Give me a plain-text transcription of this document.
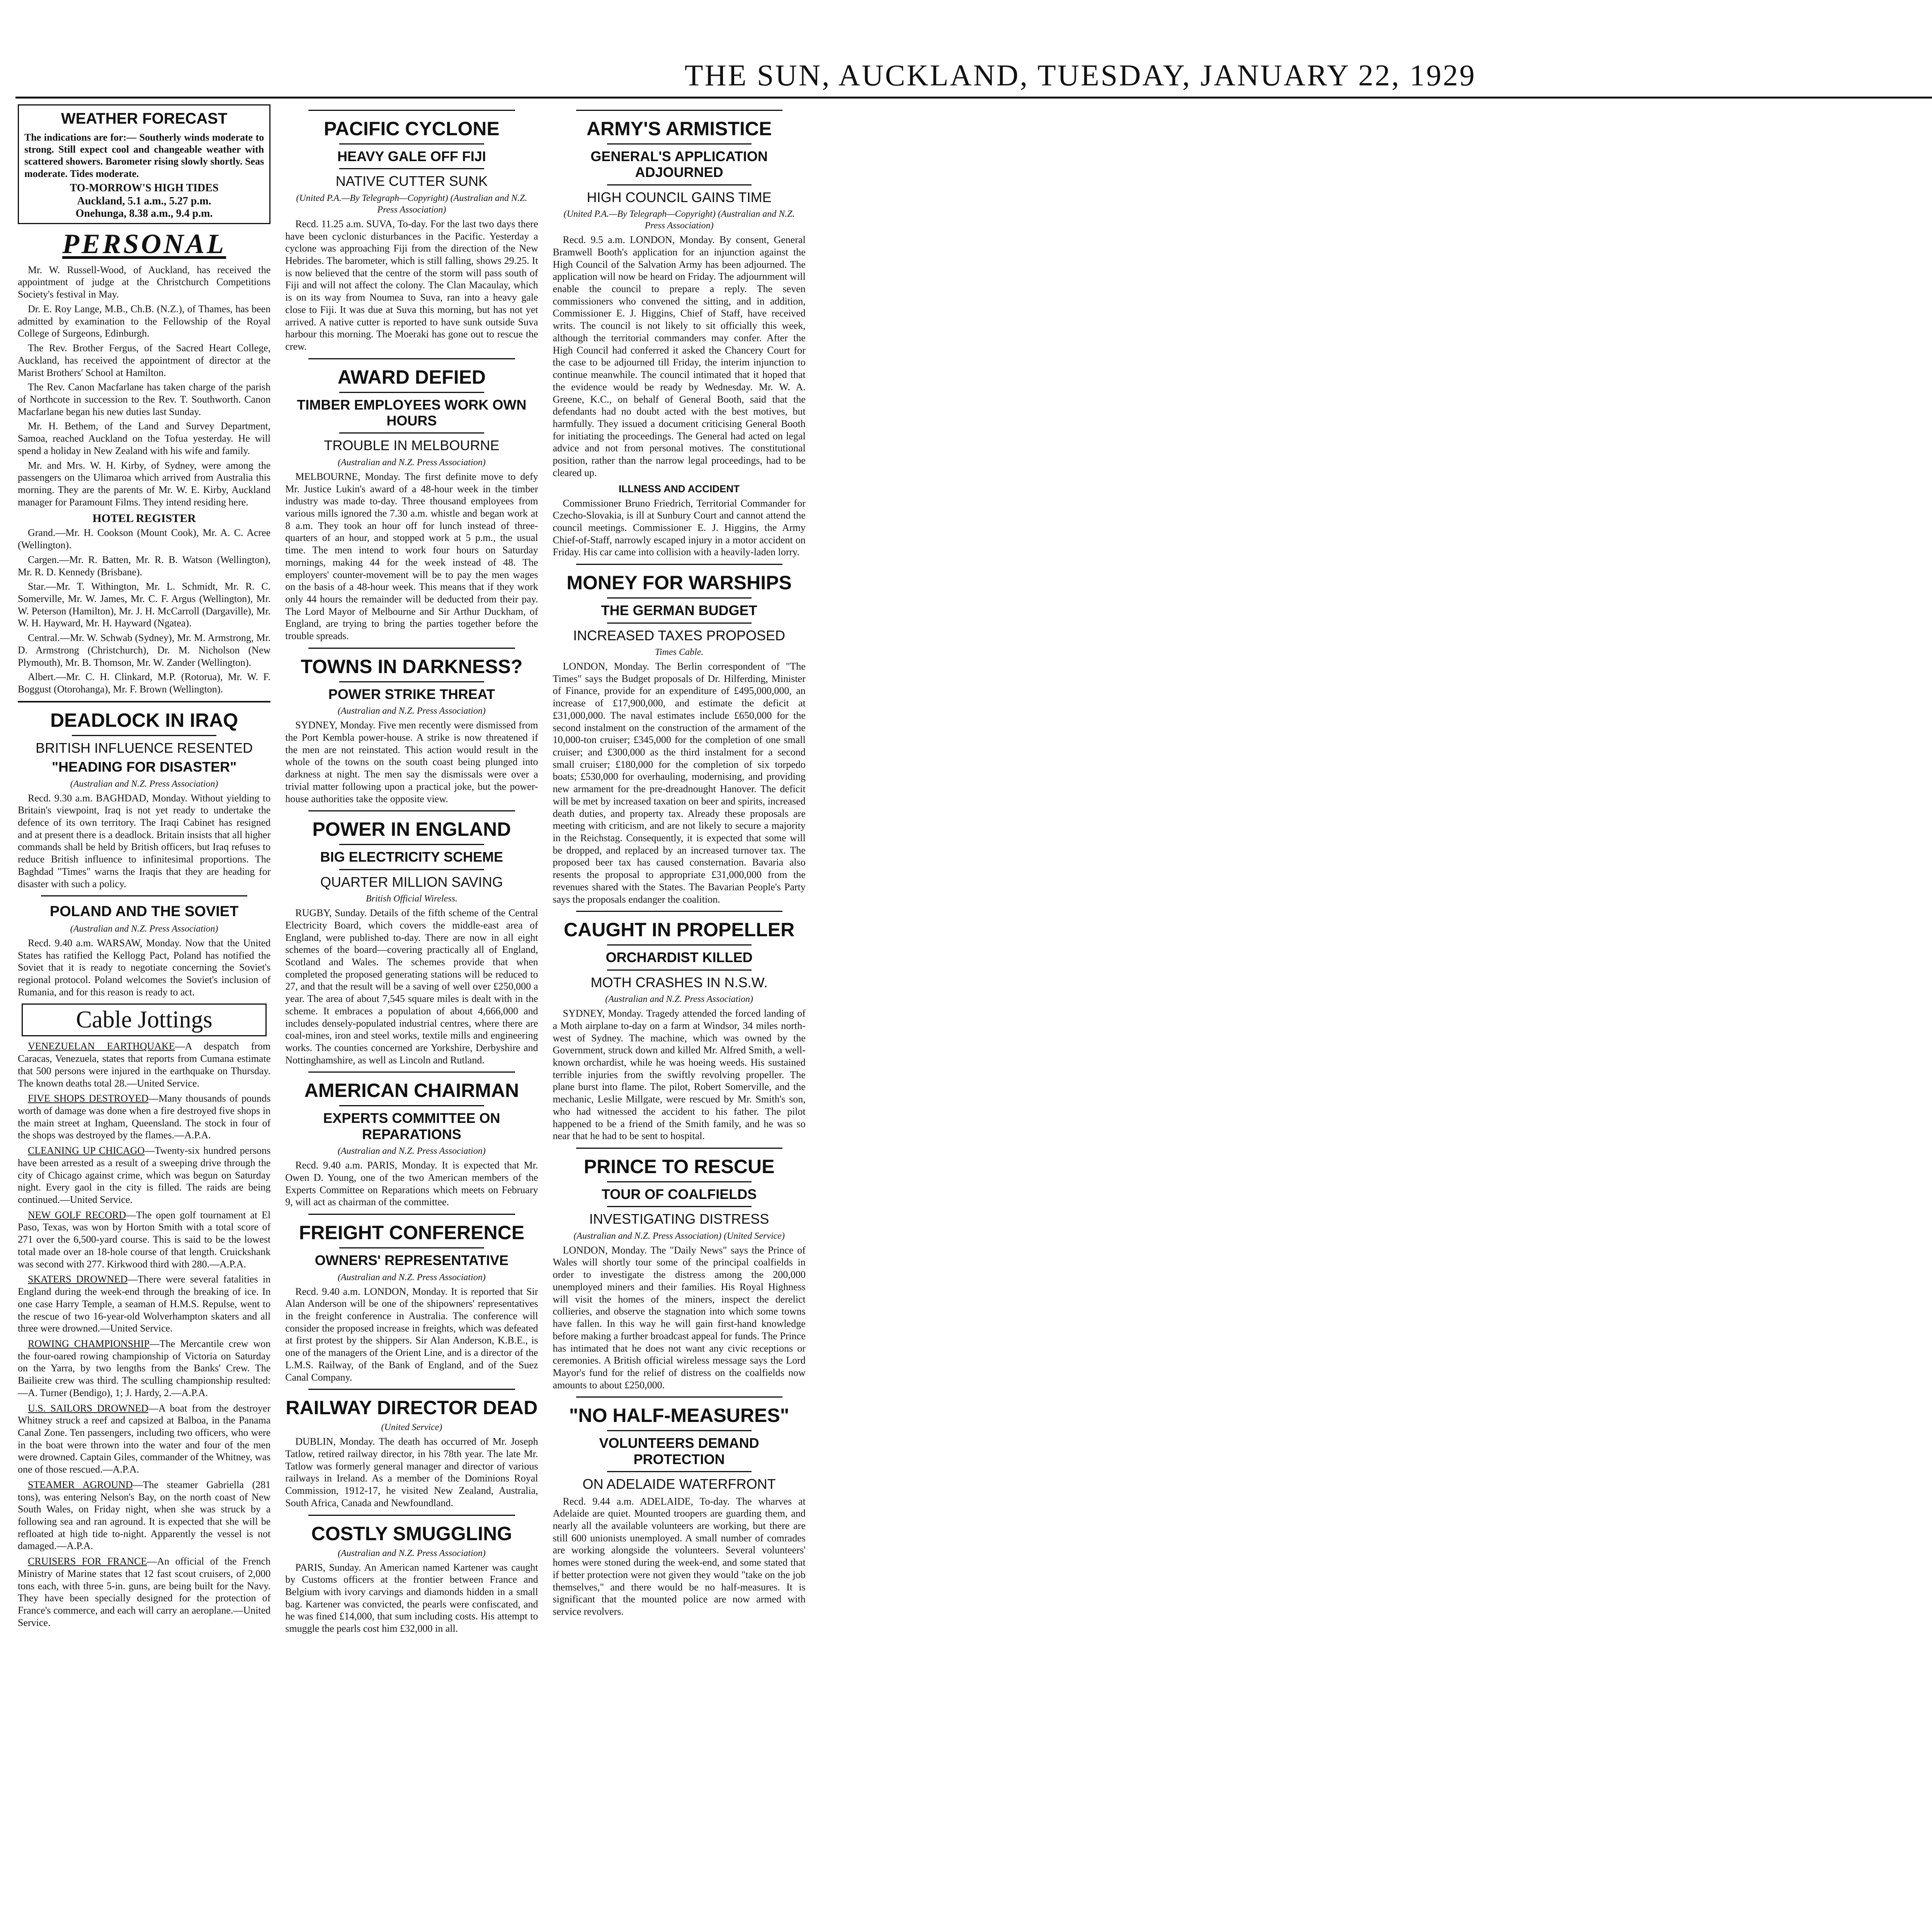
THE SUN, AUCKLAND, TUESDAY, JANUARY 22, 1929
WEATHER FORECAST

The indications are for:— Southerly winds moderate to strong. Still expect cool and changeable weather with scattered showers. Barometer rising slowly shortly. Seas moderate. Tides moderate.

TO-MORROW'S HIGH TIDES
Auckland, 5.1 a.m., 5.27 p.m.
Onehunga, 8.38 a.m., 9.4 p.m.
PERSONAL

Mr. W. Russell-Wood, of Auckland, has received the appointment of judge at the Christchurch Competitions Society's festival in May.

Dr. E. Roy Lange, M.B., Ch.B. (N.Z.), of Thames, has been admitted by examination to the Fellowship of the Royal College of Surgeons, Edinburgh.

The Rev. Brother Fergus, of the Sacred Heart College, Auckland, has received the appointment of director at the Marist Brothers' School at Hamilton.

The Rev. Canon Macfarlane has taken charge of the parish of Northcote in succession to the Rev. T. Southworth. Canon Macfarlane began his new duties last Sunday.

Mr. H. Bethem, of the Land and Survey Department, Samoa, reached Auckland on the Tofua yesterday. He will spend a holiday in New Zealand with his wife and family.

Mr. and Mrs. W. H. Kirby, of Sydney, were among the passengers on the Ulimaroa which arrived from Australia this morning. They are the parents of Mr. W. E. Kirby, Auckland manager for Paramount Films. They intend residing here.

HOTEL REGISTER

Grand.—Mr. H. Cookson (Mount Cook), Mr. A. C. Acree (Wellington).

Cargen.—Mr. R. Batten, Mr. R. B. Watson (Wellington), Mr. R. D. Kennedy (Brisbane).

Star.—Mr. T. Withington, Mr. L. Schmidt, Mr. R. C. Somerville, Mr. W. James, Mr. C. F. Argus (Wellington), Mr. W. Peterson (Hamilton), Mr. J. H. McCarroll (Dargaville), Mr. W. H. Hayward, Mr. H. Hayward (Ngatea).

Central.—Mr. W. Schwab (Sydney), Mr. M. Armstrong, Mr. D. Armstrong (Christchurch), Dr. M. Nicholson (New Plymouth), Mr. B. Thomson, Mr. W. Zander (Wellington).

Albert.—Mr. C. H. Clinkard, M.P. (Rotorua), Mr. W. F. Boggust (Otorohanga), Mr. F. Brown (Wellington).

DEADLOCK IN IRAQ
BRITISH INFLUENCE RESENTED
"HEADING FOR DISASTER"
(Australian and N.Z. Press Association)

Recd. 9.30 a.m. BAGHDAD, Monday. Without yielding to Britain's viewpoint, Iraq is not yet ready to undertake the defence of its own territory. The Iraqi Cabinet has resigned and at present there is a deadlock. Britain insists that all higher commands shall be held by British officers, but Iraq refuses to reduce British influence to infinitesimal proportions. The Baghdad "Times" warns the Iraqis that they are heading for disaster with such a policy.

POLAND AND THE SOVIET
(Australian and N.Z. Press Association)

Recd. 9.40 a.m. WARSAW, Monday. Now that the United States has ratified the Kellogg Pact, Poland has notified the Soviet that it is ready to negotiate concerning the Soviet's regional protocol. Poland welcomes the Soviet's inclusion of Rumania, and for this reason is ready to act.

Cable Jottings

VENEZUELAN EARTHQUAKE—A despatch from Caracas, Venezuela, states that reports from Cumana estimate that 500 persons were injured in the earthquake on Thursday. The known deaths total 28.—United Service.

FIVE SHOPS DESTROYED—Many thousands of pounds worth of damage was done when a fire destroyed five shops in the main street at Ingham, Queensland. The stock in four of the shops was destroyed by the flames.—A.P.A.

CLEANING UP CHICAGO—Twenty-six hundred persons have been arrested as a result of a sweeping drive through the city of Chicago against crime, which was begun on Saturday night. Every gaol in the city is filled. The raids are being continued.—United Service.

NEW GOLF RECORD—The open golf tournament at El Paso, Texas, was won by Horton Smith with a total score of 271 over the 6,500-yard course. This is said to be the lowest total made over an 18-hole course of that length. Cruickshank was second with 277. Kirkwood third with 280.—A.P.A.

SKATERS DROWNED—There were several fatalities in England during the week-end through the breaking of ice. In one case Harry Temple, a seaman of H.M.S. Repulse, went to the rescue of two 16-year-old Wolverhampton skaters and all three were drowned.—United Service.

ROWING CHAMPIONSHIP—The Mercantile crew won the four-oared rowing championship of Victoria on Saturday on the Yarra, by two lengths from the Banks' Crew. The Bailieite crew was third. The sculling championship resulted:—A. Turner (Bendigo), 1; J. Hardy, 2.—A.P.A.

U.S. SAILORS DROWNED—A boat from the destroyer Whitney struck a reef and capsized at Balboa, in the Panama Canal Zone. Ten passengers, including two officers, who were in the boat were thrown into the water and four of the men were drowned. Captain Giles, commander of the Whitney, was one of those rescued.—A.P.A.

STEAMER AGROUND—The steamer Gabriella (281 tons), was entering Nelson's Bay, on the north coast of New South Wales, on Friday night, when she was struck by a following sea and ran aground. It is expected that she will be refloated at high tide to-night. Apparently the vessel is not damaged.—A.P.A.

CRUISERS FOR FRANCE—An official of the French Ministry of Marine states that 12 fast scout cruisers, of 2,000 tons each, with three 5-in. guns, are being built for the Navy. They have been specially designed for the protection of France's commerce, and each will carry an aeroplane.—United Service.

PACIFIC CYCLONE
HEAVY GALE OFF FIJI
NATIVE CUTTER SUNK
(United P.A.—By Telegraph—Copyright) (Australian and N.Z. Press Association)

Recd. 11.25 a.m. SUVA, To-day. For the last two days there have been cyclonic disturbances in the Pacific. Yesterday a cyclone was approaching Fiji from the direction of the New Hebrides. The barometer, which is still falling, shows 29.25. It is now believed that the centre of the storm will pass south of Fiji and will not affect the colony. The Clan Macaulay, which is on its way from Noumea to Suva, ran into a heavy gale close to Fiji. It was due at Suva this morning, but has not yet arrived. A native cutter is reported to have sunk outside Suva harbour this morning. The Moeraki has gone out to rescue the crew.

AWARD DEFIED
TIMBER EMPLOYEES WORK OWN HOURS
TROUBLE IN MELBOURNE
(Australian and N.Z. Press Association)

MELBOURNE, Monday. The first definite move to defy Mr. Justice Lukin's award of a 48-hour week in the timber industry was made to-day. Three thousand employees from various mills ignored the 7.30 a.m. whistle and began work at 8 a.m. They took an hour off for lunch instead of three-quarters of an hour, and stopped work at 5 p.m., the usual time. The men intend to work four hours on Saturday mornings, making 44 for the week instead of 48. The employers' counter-movement will be to pay the men wages on the basis of a 48-hour week. This means that if they work only 44 hours the remainder will be deducted from their pay. The Lord Mayor of Melbourne and Sir Arthur Duckham, of England, are trying to bring the parties together before the trouble spreads.

TOWNS IN DARKNESS?
POWER STRIKE THREAT
(Australian and N.Z. Press Association)

SYDNEY, Monday. Five men recently were dismissed from the Port Kembla power-house. A strike is now threatened if the men are not reinstated. This action would result in the whole of the towns on the south coast being plunged into darkness at night. The men say the dismissals were over a trivial matter following upon a practical joke, but the power-house authorities take the opposite view.

POWER IN ENGLAND
BIG ELECTRICITY SCHEME
QUARTER MILLION SAVING
British Official Wireless.

RUGBY, Sunday. Details of the fifth scheme of the Central Electricity Board, which covers the middle-east area of England, were published to-day. There are now in all eight schemes of the board—covering practically all of England, Scotland and Wales. The schemes provide that when completed the proposed generating stations will be reduced to 27, and that the result will be a saving of well over £250,000 a year. The area of about 7,545 square miles is dealt with in the scheme. It embraces a population of about 4,666,000 and includes densely-populated industrial centres, where there are coal-mines, iron and steel works, textile mills and engineering works. The counties concerned are Yorkshire, Derbyshire and Nottinghamshire, as well as Lincoln and Rutland.

AMERICAN CHAIRMAN
EXPERTS COMMITTEE ON REPARATIONS
(Australian and N.Z. Press Association)

Recd. 9.40 a.m. PARIS, Monday. It is expected that Mr. Owen D. Young, one of the two American members of the Experts Committee on Reparations which meets on February 9, will act as chairman of the committee.

FREIGHT CONFERENCE
OWNERS' REPRESENTATIVE
(Australian and N.Z. Press Association)

Recd. 9.40 a.m. LONDON, Monday. It is reported that Sir Alan Anderson will be one of the shipowners' representatives in the freight conference in Australia. The conference will consider the proposed increase in freights, which was defeated at first protest by the shippers. Sir Alan Anderson, K.B.E., is one of the managers of the Orient Line, and is a director of the L.M.S. Railway, of the Bank of England, and of the Suez Canal Company.

RAILWAY DIRECTOR DEAD
(United Service)

DUBLIN, Monday. The death has occurred of Mr. Joseph Tatlow, retired railway director, in his 78th year. The late Mr. Tatlow was formerly general manager and director of various railways in Ireland. As a member of the Dominions Royal Commission, 1912-17, he visited New Zealand, Australia, South Africa, Canada and Newfoundland.

COSTLY SMUGGLING
(Australian and N.Z. Press Association)

PARIS, Sunday. An American named Kartener was caught by Customs officers at the frontier between France and Belgium with ivory carvings and diamonds hidden in a small bag. Kartener was convicted, the pearls were confiscated, and he was fined £14,000, that sum including costs. His attempt to smuggle the pearls cost him £32,000 in all.

ARMY'S ARMISTICE
GENERAL'S APPLICATION ADJOURNED
HIGH COUNCIL GAINS TIME
(United P.A.—By Telegraph—Copyright) (Australian and N.Z. Press Association)

Recd. 9.5 a.m. LONDON, Monday. By consent, General Bramwell Booth's application for an injunction against the High Council of the Salvation Army has been adjourned. The application will now be heard on Friday. The adjournment will enable the council to prepare a reply. The seven commissioners who convened the sitting, and in addition, Commissioner E. J. Higgins, Chief of Staff, have received writs. The council is not likely to sit officially this week, although the territorial commanders may confer. After the High Council had conferred it asked the Chancery Court for the case to be adjourned till Friday, the interim injunction to continue meanwhile. The council intimated that it hoped that the evidence would be ready by Wednesday. Mr. W. A. Greene, K.C., on behalf of General Booth, said that the defendants had no doubt acted with the best motives, but harmfully. They issued a document criticising General Booth for initiating the proceedings. The General had acted on legal advice and not from personal motives. The constitutional position, rather than the narrow legal proceedings, had to be cleared up.

ILLNESS AND ACCIDENT

Commissioner Bruno Friedrich, Territorial Commander for Czecho-Slovakia, is ill at Sunbury Court and cannot attend the council meetings. Commissioner E. J. Higgins, the Army Chief-of-Staff, narrowly escaped injury in a motor accident on Friday. His car came into collision with a heavily-laden lorry.

MONEY FOR WARSHIPS
THE GERMAN BUDGET
INCREASED TAXES PROPOSED
Times Cable.

LONDON, Monday. The Berlin correspondent of "The Times" says the Budget proposals of Dr. Hilferding, Minister of Finance, provide for an expenditure of £495,000,000, an increase of £17,900,000, and estimate the deficit at £31,000,000. The naval estimates include £650,000 for the second instalment on the construction of the armament of the 10,000-ton cruiser; £345,000 for the completion of one small cruiser; and £300,000 as the third instalment for a second small cruiser; £180,000 for the completion of six torpedo boats; £530,000 for overhauling, modernising, and providing new armament for the pre-dreadnought Hanover. The deficit will be met by increased taxation on beer and spirits, increased death duties, and property tax. Already these proposals are meeting with criticism, and are not likely to secure a majority in the Reichstag. Consequently, it is expected that some will be dropped, and replaced by an increased turnover tax. The proposed beer tax has caused consternation. Bavaria also resents the proposal to appropriate £31,000,000 from the revenues shared with the States. The Bavarian People's Party says the proposals endanger the coalition.

CAUGHT IN PROPELLER
ORCHARDIST KILLED
MOTH CRASHES IN N.S.W.
(Australian and N.Z. Press Association)

SYDNEY, Monday. Tragedy attended the forced landing of a Moth airplane to-day on a farm at Windsor, 34 miles north-west of Sydney. The machine, which was owned by the Government, struck down and killed Mr. Alfred Smith, a well-known orchardist, while he was hoeing weeds. His sustained terrible injuries from the swiftly revolving propeller. The plane burst into flame. The pilot, Robert Somerville, and the mechanic, Leslie Millgate, were rescued by Mr. Smith's son, who had witnessed the accident to his father. The pilot happened to be a friend of the Smith family, and he was so near that he had to be sent to hospital.

PRINCE TO RESCUE
TOUR OF COALFIELDS
INVESTIGATING DISTRESS
(Australian and N.Z. Press Association) (United Service)

LONDON, Monday. The "Daily News" says the Prince of Wales will shortly tour some of the principal coalfields in order to investigate the distress among the 200,000 unemployed miners and their families. His Royal Highness will visit the homes of the miners, inspect the derelict collieries, and observe the stagnation into which some towns have fallen. In this way he will gain first-hand knowledge before making a further broadcast appeal for funds. The Prince has intimated that he does not want any civic receptions or ceremonies. A British official wireless message says the Lord Mayor's fund for the relief of distress on the coalfields now amounts to about £250,000.

"NO HALF-MEASURES"
VOLUNTEERS DEMAND PROTECTION
ON ADELAIDE WATERFRONT

Recd. 9.44 a.m. ADELAIDE, To-day. The wharves at Adelaide are quiet. Mounted troopers are guarding them, and nearly all the available volunteers are working, but there are still 600 unionists unemployed. A small number of comrades are working alongside the volunteers. Several volunteers' homes were stoned during the week-end, and some stated that if better protection were not given they would "take on the job themselves," and there would be no half-measures. It is significant that the mounted police are now armed with service revolvers.
